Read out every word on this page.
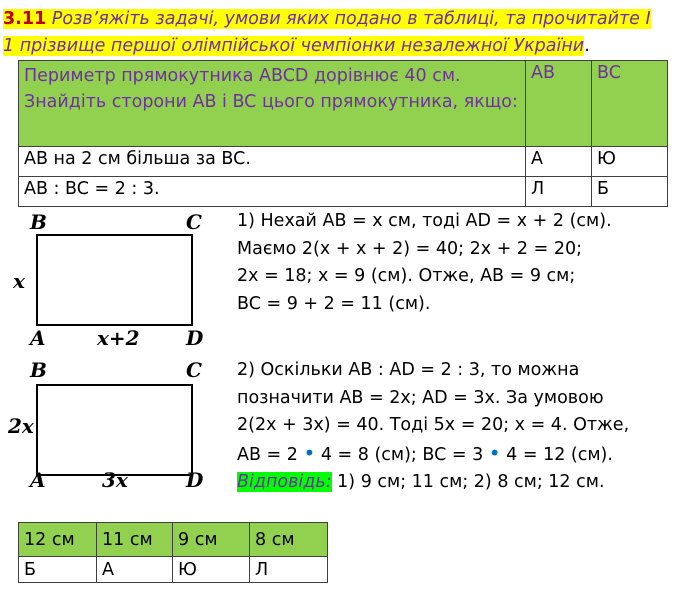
3.11 Розв’яжіть задачі, умови яких подано в таблиці, та прочитайте І
1 прізвище першої олімпійської чемпіонки незалежної України.
Периметр прямокутника ABCD дорівнює 40 см. Знайдіть сторони AB і BC цього прямокутника, якщо:	AB	BC
AB на 2 см більша за BC.	А	Ю
AB : BC = 2 : 3.	Л	Б
B	C
A	D
x
x+2
1) Нехай AB = x см, тоді AD = x + 2 (см).
Маємо 2(x + x + 2) = 40; 2x + 2 = 20;
2x = 18; x = 9 (см). Отже, AB = 9 см;
BC = 9 + 2 = 11 (см).
B	C
A	D
2x
3x
2) Оскільки AB : AD = 2 : 3, то можна
позначити AB = 2x; AD = 3x. За умовою
2(2x + 3x) = 40. Тоді 5x = 20; x = 4. Отже,
AB = 2 • 4 = 8 (см); BC = 3 • 4 = 12 (см).
Відповідь: 1) 9 см; 11 см; 2) 8 см; 12 см.
12 см	11 см	9 см	8 см
Б	А	Ю	Л
